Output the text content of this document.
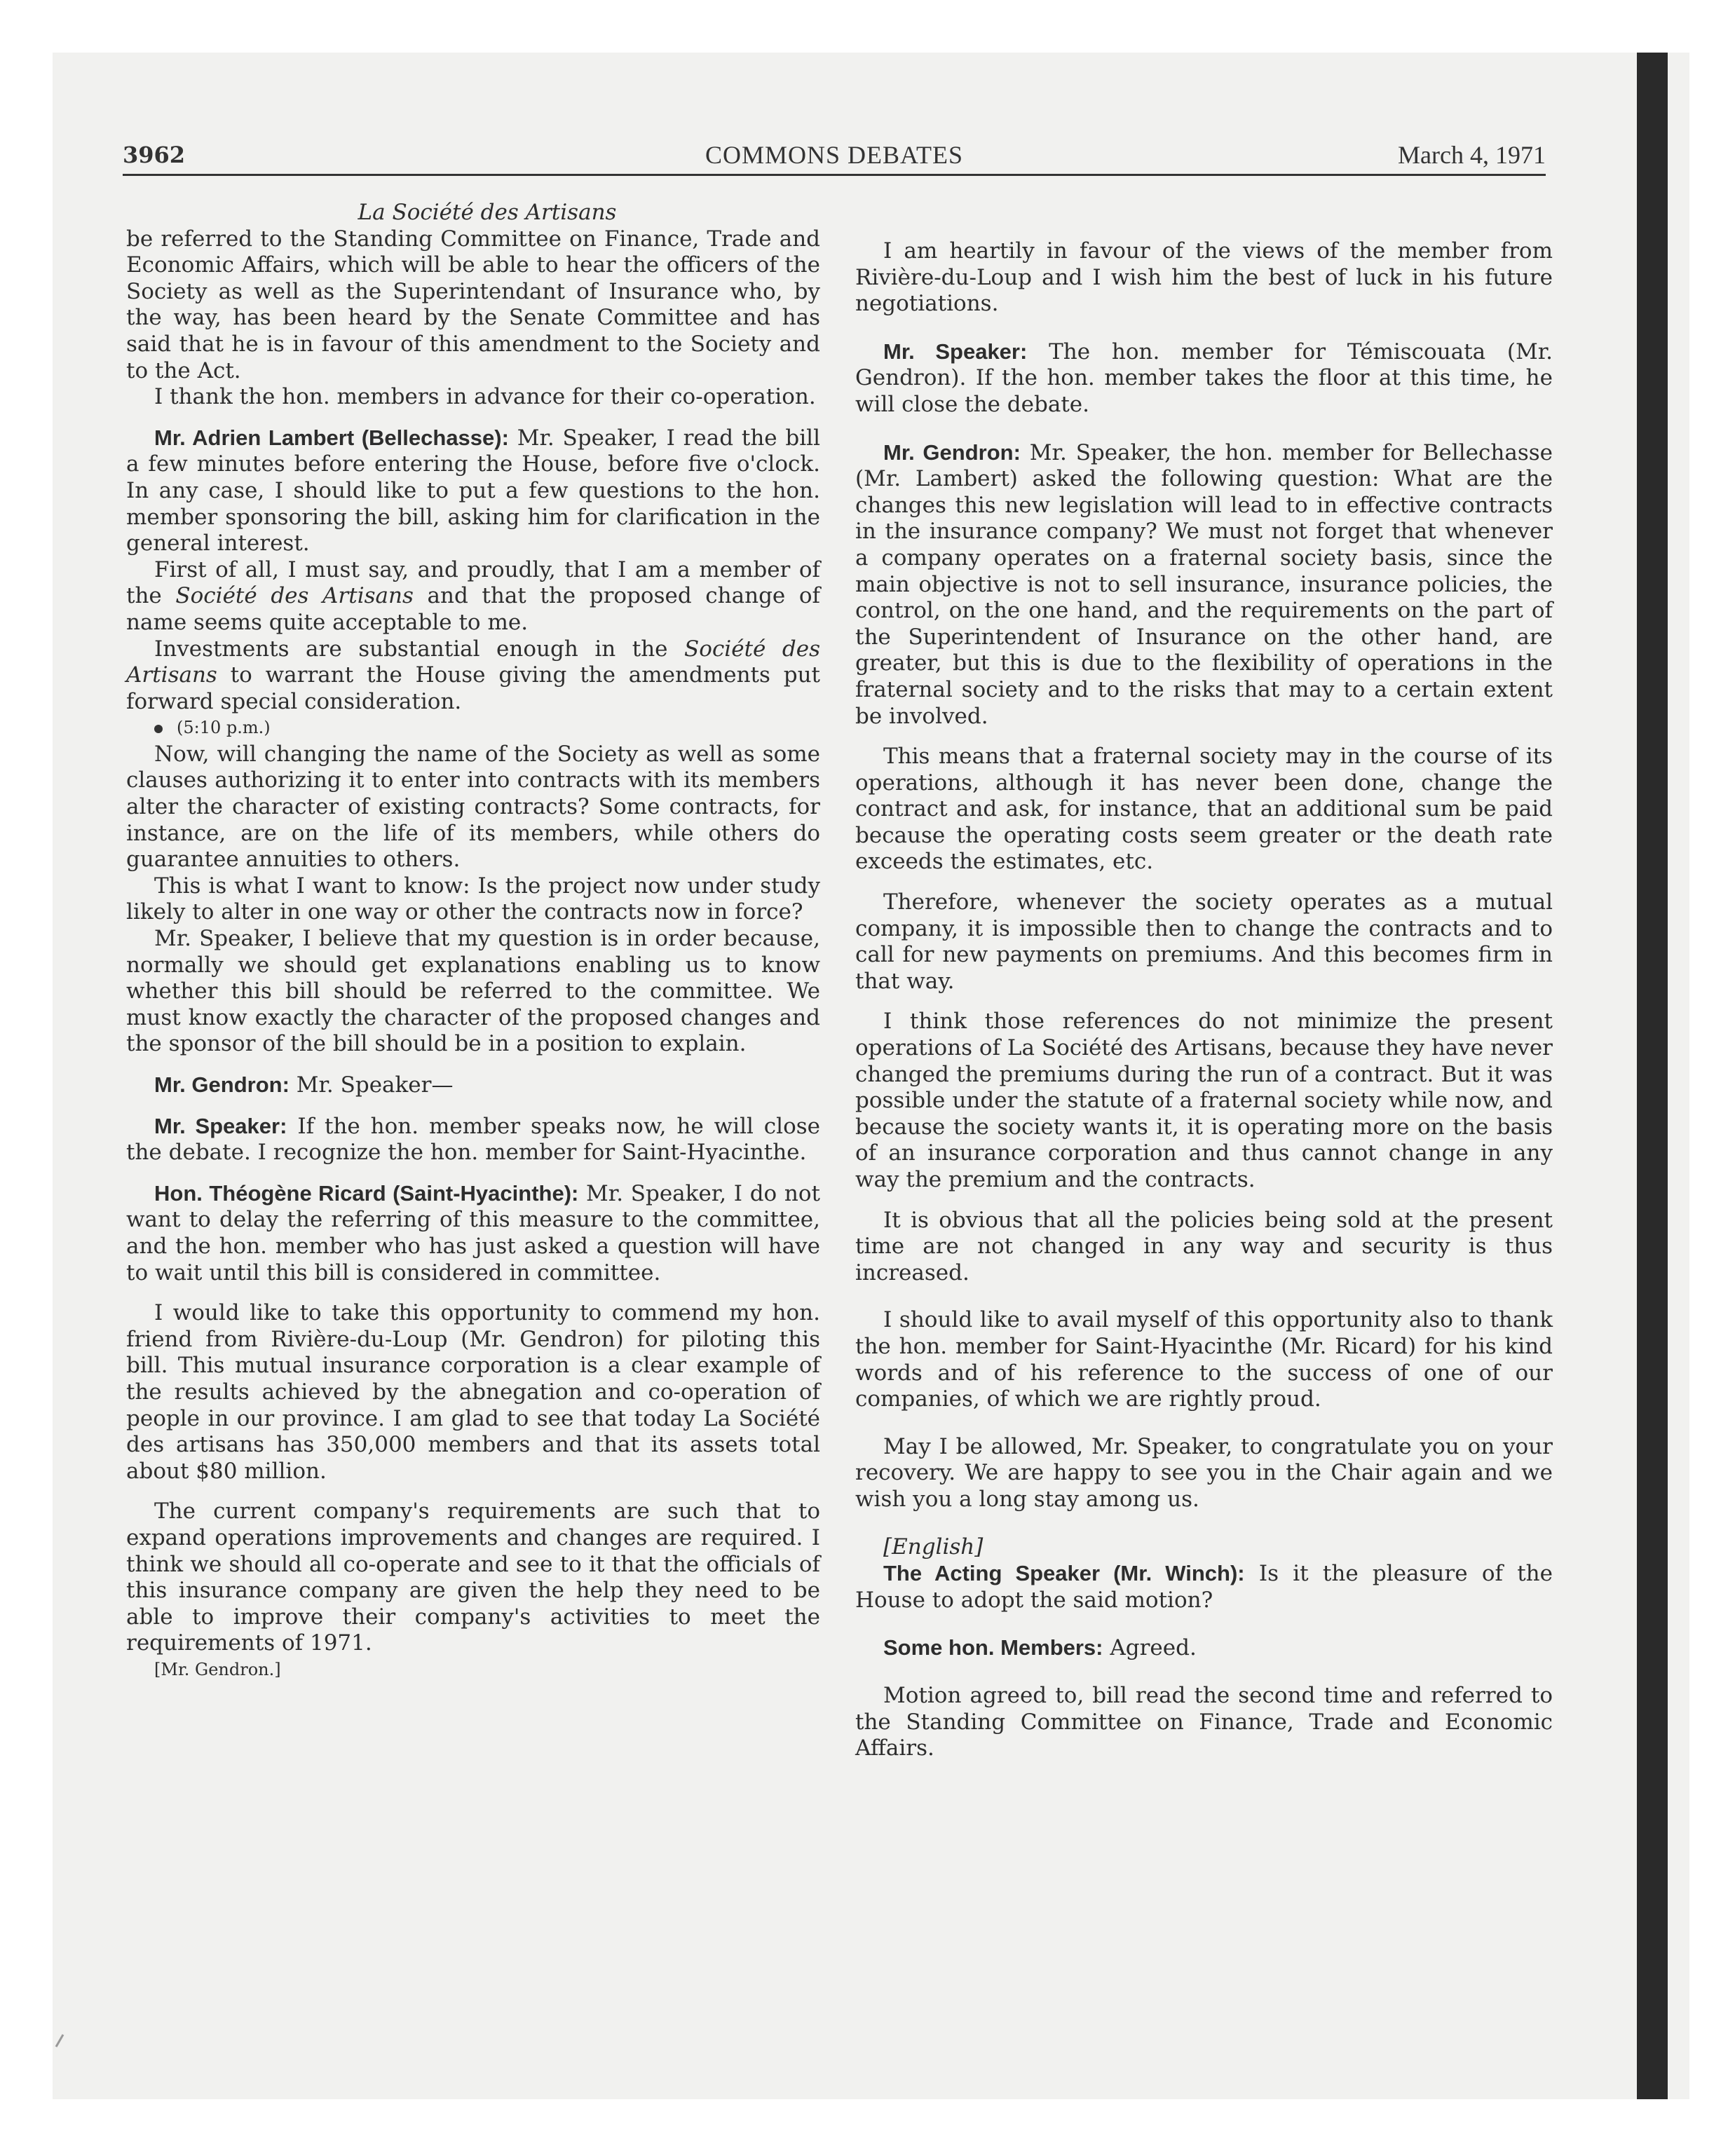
3962	COMMONS DEBATES	March 4, 1971

La Société des Artisans

be referred to the Standing Committee on Finance, Trade and Economic Affairs, which will be able to hear the officers of the Society as well as the Superintendant of Insurance who, by the way, has been heard by the Senate Committee and has said that he is in favour of this amendment to the Society and to the Act.

I thank the hon. members in advance for their co-operation.

Mr. Adrien Lambert (Bellechasse): Mr. Speaker, I read the bill a few minutes before entering the House, before five o'clock. In any case, I should like to put a few questions to the hon. member sponsoring the bill, asking him for clarification in the general interest.

First of all, I must say, and proudly, that I am a member of the Société des Artisans and that the proposed change of name seems quite acceptable to me.

Investments are substantial enough in the Société des Artisans to warrant the House giving the amendments put forward special consideration.

(5:10 p.m.)

Now, will changing the name of the Society as well as some clauses authorizing it to enter into contracts with its members alter the character of existing contracts? Some contracts, for instance, are on the life of its members, while others do guarantee annuities to others.

This is what I want to know: Is the project now under study likely to alter in one way or other the contracts now in force?

Mr. Speaker, I believe that my question is in order because, normally we should get explanations enabling us to know whether this bill should be referred to the committee. We must know exactly the character of the proposed changes and the sponsor of the bill should be in a position to explain.

Mr. Gendron: Mr. Speaker—

Mr. Speaker: If the hon. member speaks now, he will close the debate. I recognize the hon. member for Saint-Hyacinthe.

Hon. Théogène Ricard (Saint-Hyacinthe): Mr. Speaker, I do not want to delay the referring of this measure to the committee, and the hon. member who has just asked a question will have to wait until this bill is considered in committee.

I would like to take this opportunity to commend my hon. friend from Rivière-du-Loup (Mr. Gendron) for piloting this bill. This mutual insurance corporation is a clear example of the results achieved by the abnegation and co-operation of people in our province. I am glad to see that today La Société des artisans has 350,000 members and that its assets total about $80 million.

The current company's requirements are such that to expand operations improvements and changes are required. I think we should all co-operate and see to it that the officials of this insurance company are given the help they need to be able to improve their company's activities to meet the requirements of 1971.

[Mr. Gendron.]

I am heartily in favour of the views of the member from Rivière-du-Loup and I wish him the best of luck in his future negotiations.

Mr. Speaker: The hon. member for Témiscouata (Mr. Gendron). If the hon. member takes the floor at this time, he will close the debate.

Mr. Gendron: Mr. Speaker, the hon. member for Bellechasse (Mr. Lambert) asked the following question: What are the changes this new legislation will lead to in effective contracts in the insurance company? We must not forget that whenever a company operates on a fraternal society basis, since the main objective is not to sell insurance, insurance policies, the control, on the one hand, and the requirements on the part of the Superintendent of Insurance on the other hand, are greater, but this is due to the flexibility of operations in the fraternal society and to the risks that may to a certain extent be involved.

This means that a fraternal society may in the course of its operations, although it has never been done, change the contract and ask, for instance, that an additional sum be paid because the operating costs seem greater or the death rate exceeds the estimates, etc.

Therefore, whenever the society operates as a mutual company, it is impossible then to change the contracts and to call for new payments on premiums. And this becomes firm in that way.

I think those references do not minimize the present operations of La Société des Artisans, because they have never changed the premiums during the run of a contract. But it was possible under the statute of a fraternal society while now, and because the society wants it, it is operating more on the basis of an insurance corporation and thus cannot change in any way the premium and the contracts.

It is obvious that all the policies being sold at the present time are not changed in any way and security is thus increased.

I should like to avail myself of this opportunity also to thank the hon. member for Saint-Hyacinthe (Mr. Ricard) for his kind words and of his reference to the success of one of our companies, of which we are rightly proud.

May I be allowed, Mr. Speaker, to congratulate you on your recovery. We are happy to see you in the Chair again and we wish you a long stay among us.

[English]

The Acting Speaker (Mr. Winch): Is it the pleasure of the House to adopt the said motion?

Some hon. Members: Agreed.

Motion agreed to, bill read the second time and referred to the Standing Committee on Finance, Trade and Economic Affairs.
